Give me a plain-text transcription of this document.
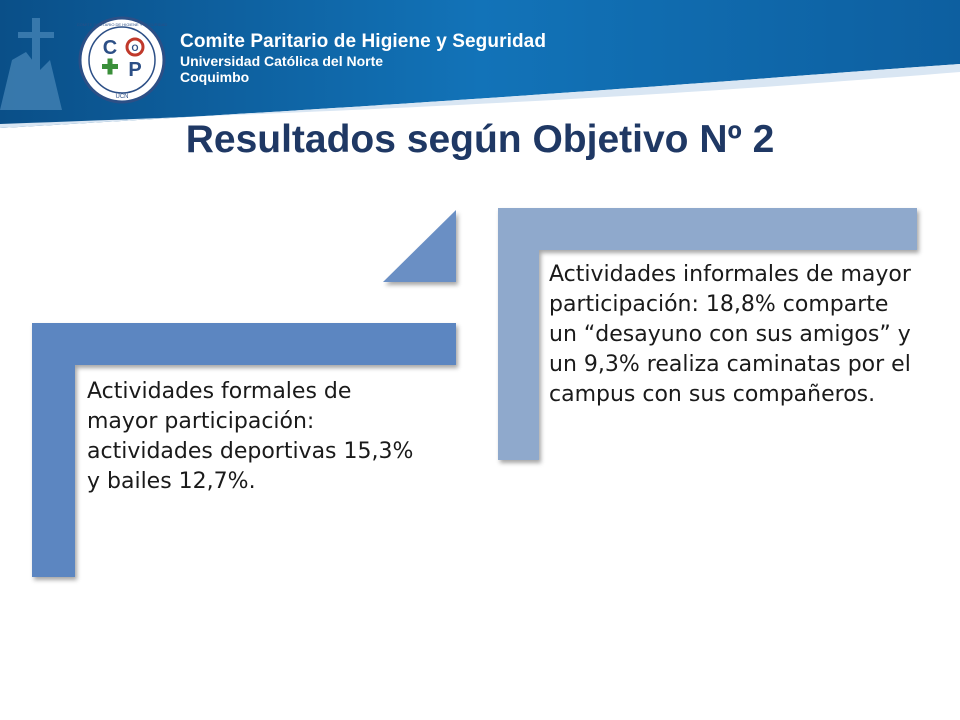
COMITE PARITARIO DE HIGIENE Y SEGURIDAD
UCN
C O
P
Comite Paritario de Higiene y Seguridad
Universidad Católica del Norte
Coquimbo
Resultados según Objetivo Nº 2

Actividades formales de mayor participación: actividades deportivas 15,3% y bailes 12,7%.

Actividades informales de mayor participación: 18,8% comparte un “desayuno con sus amigos” y un 9,3% realiza caminatas por el campus con sus compañeros.
